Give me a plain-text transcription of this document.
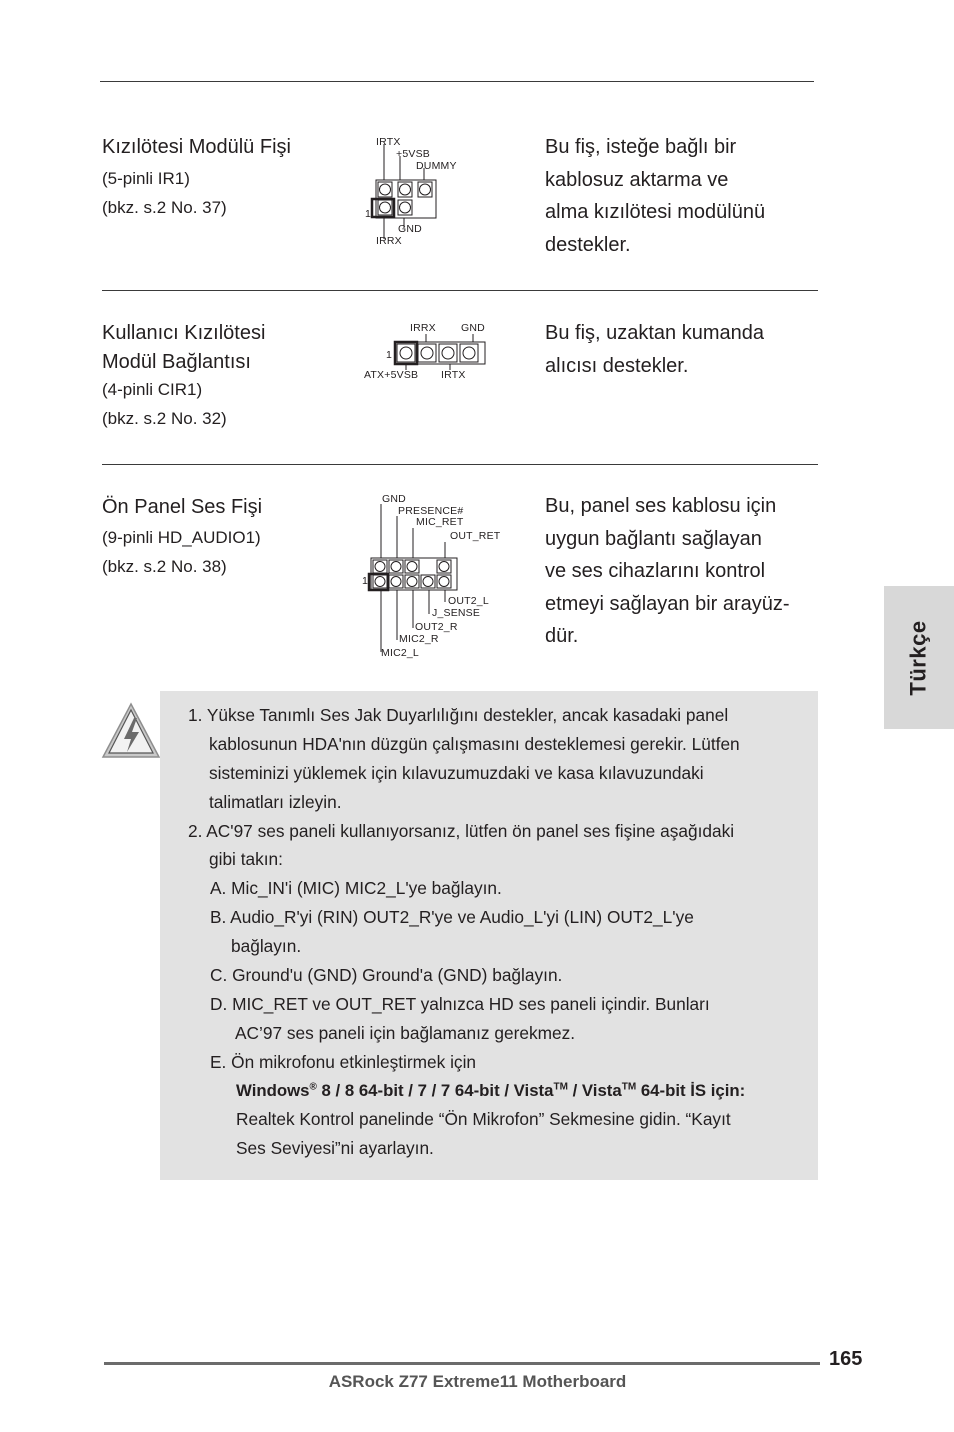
Kızılötesi Modülü Fişi
(5-pinli IR1)
(bkz. s.2 No. 37)
Bu fiş, isteğe bağlı bir
kablosuz aktarma ve
alma kızılötesi modülünü
destekler.
IRTX
+5VSB
DUMMY
1
GND
IRRX
Kullanıcı Kızılötesi
Modül Bağlantısı
(4-pinli CIR1)
(bkz. s.2 No. 32)
Bu fiş, uzaktan kumanda
alıcısı destekler.
IRRX GND
1
ATX+5VSB IRTX
Ön Panel Ses Fişi
(9-pinli HD_AUDIO1)
(bkz. s.2 No. 38)
Bu, panel ses kablosu için
uygun bağlantı sağlayan
ve ses cihazlarını kontrol
etmeyi sağlayan bir arayüz-
dür.
GND
PRESENCE#
MIC_RET
OUT_RET
1
OUT2_L
J_SENSE
OUT2_R
MIC2_R
MIC2_L
1. Yükse Tanımlı Ses Jak Duyarlılığını destekler, ancak kasadaki panel
kablosunun HDA'nın düzgün çalışmasını desteklemesi gerekir. Lütfen
sisteminizi yüklemek için kılavuzumuzdaki ve kasa kılavuzundaki
talimatları izleyin.
2. AC'97 ses paneli kullanıyorsanız, lütfen ön panel ses fişine aşağıdaki
gibi takın:
A. Mic_IN'i (MIC) MIC2_L'ye bağlayın.
B. Audio_R'yi (RIN) OUT2_R'ye ve Audio_L'yi (LIN) OUT2_L'ye
bağlayın.
C. Ground'u (GND) Ground'a (GND) bağlayın.
D. MIC_RET ve OUT_RET yalnızca HD ses paneli içindir. Bunları
AC’97 ses paneli için bağlamanız gerekmez.
E. Ön mikrofonu etkinleştirmek için
Windows® 8 / 8 64-bit / 7 / 7 64-bit / Vista™ / Vista™ 64-bit İS için:
Realtek Kontrol panelinde “Ön Mikrofon” Sekmesine gidin. “Kayıt
Ses Seviyesi”ni ayarlayın.
Türkçe
165
ASRock Z77 Extreme11 Motherboard
